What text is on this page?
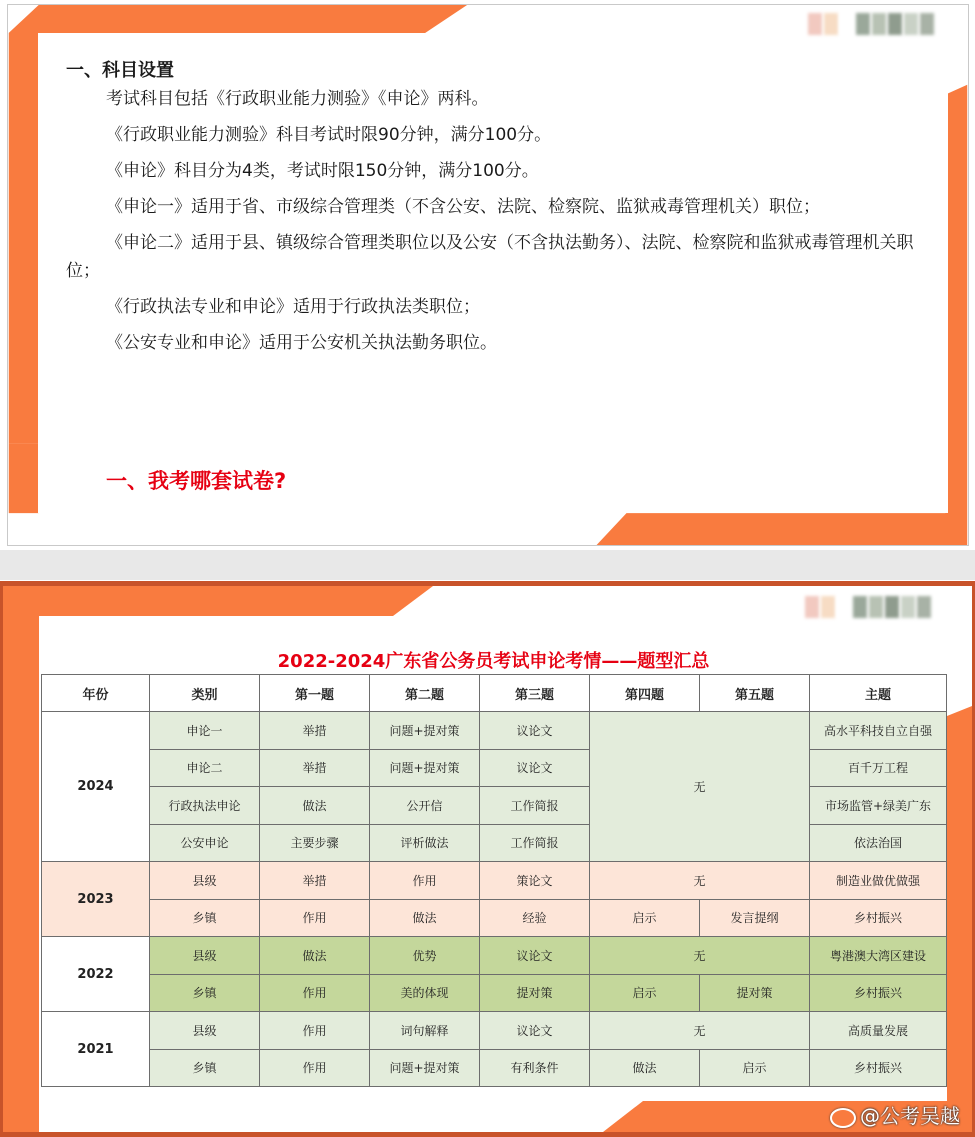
一、科目设置

考试科目包括《行政职业能力测验》《申论》两科。

《行政职业能力测验》科目考试时限90分钟，满分100分。

《申论》科目分为4类，考试时限150分钟，满分100分。

《申论一》适用于省、市级综合管理类（不含公安、法院、检察院、监狱戒毒管理机关）职位；

《申论二》适用于县、镇级综合管理类职位以及公安（不含执法勤务）、法院、检察院和监狱戒毒管理机关职位；

《行政执法专业和申论》适用于行政执法类职位；

《公安专业和申论》适用于公安机关执法勤务职位。

一、我考哪套试卷?
2022-2024广东省公务员考试申论考情——题型汇总
年份	类别	第一题	第二题	第三题	第四题	第五题	主题
2024	申论一	举措	问题+提对策	议论文	无		高水平科技自立自强
	申论二	举措	问题+提对策	议论文			百千万工程
	行政执法申论	做法	公开信	工作简报			市场监管+绿美广东
	公安申论	主要步骤	评析做法	工作简报			依法治国
2023	县级	举措	作用	策论文	无		制造业做优做强
	乡镇	作用	做法	经验	启示	发言提纲	乡村振兴
2022	县级	做法	优势	议论文	无		粤港澳大湾区建设
	乡镇	作用	美的体现	提对策	启示	提对策	乡村振兴
2021	县级	作用	词句解释	议论文	无		高质量发展
	乡镇	作用	问题+提对策	有利条件	做法	启示	乡村振兴
@公考吴越
